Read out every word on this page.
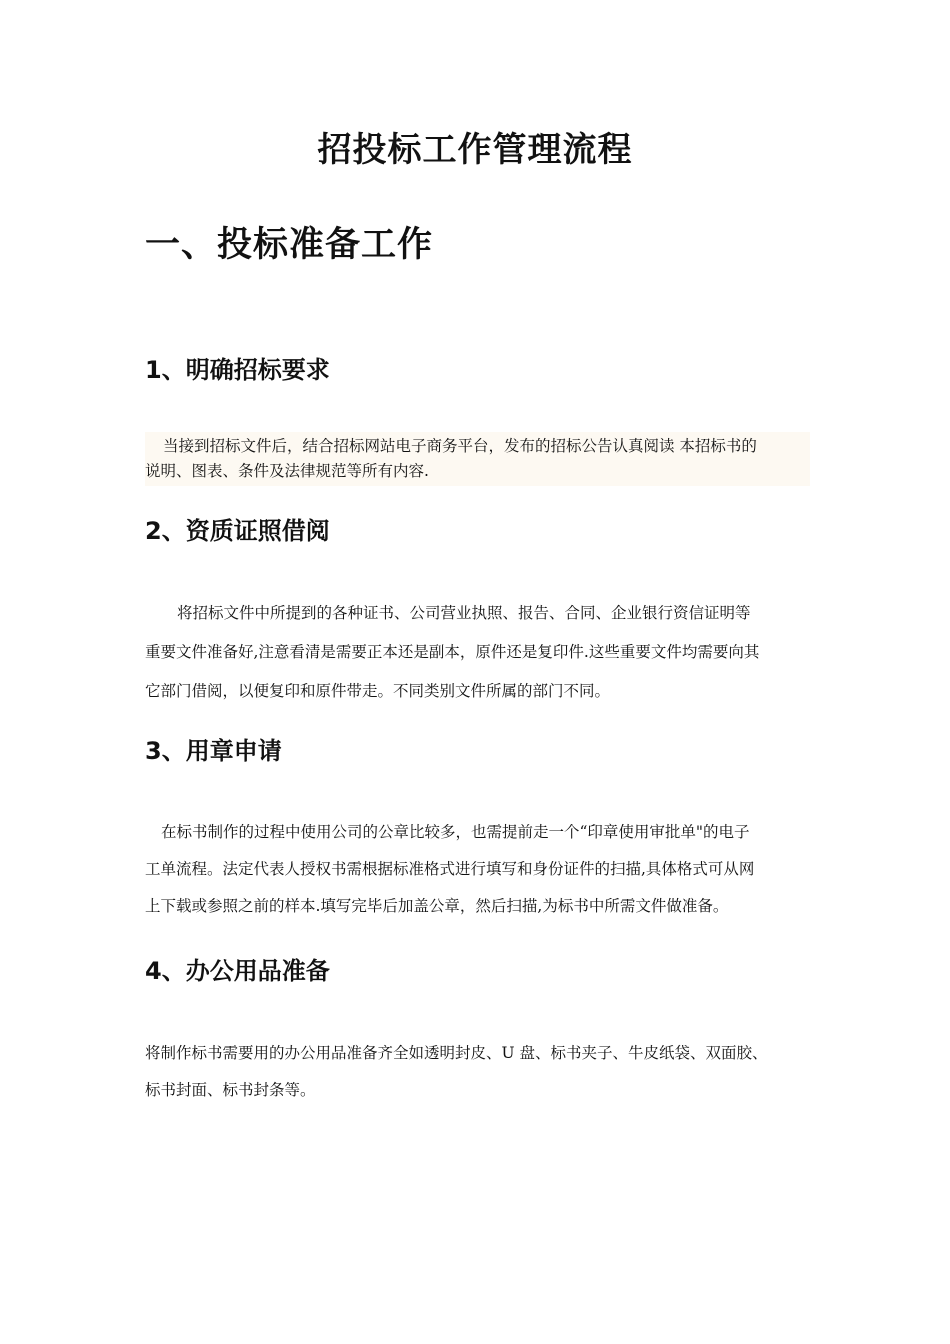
招投标工作管理流程
一、投标准备工作
1、明确招标要求

当接到招标文件后，结合招标网站电子商务平台，发布的招标公告认真阅读 本招标书的
说明、图表、条件及法律规范等所有内容.

2、资质证照借阅

将招标文件中所提到的各种证书、公司营业执照、报告、合同、企业银行资信证明等
重要文件准备好,注意看清是需要正本还是副本，原件还是复印件.这些重要文件均需要向其
它部门借阅，以便复印和原件带走。不同类别文件所属的部门不同。

3、用章申请

在标书制作的过程中使用公司的公章比较多，也需提前走一个“印章使用审批单"的电子
工单流程。法定代表人授权书需根据标准格式进行填写和身份证件的扫描,具体格式可从网
上下载或参照之前的样本.填写完毕后加盖公章，然后扫描,为标书中所需文件做准备。

4、办公用品准备

将制作标书需要用的办公用品准备齐全如透明封皮、U 盘、标书夹子、牛皮纸袋、双面胶、
标书封面、标书封条等。
